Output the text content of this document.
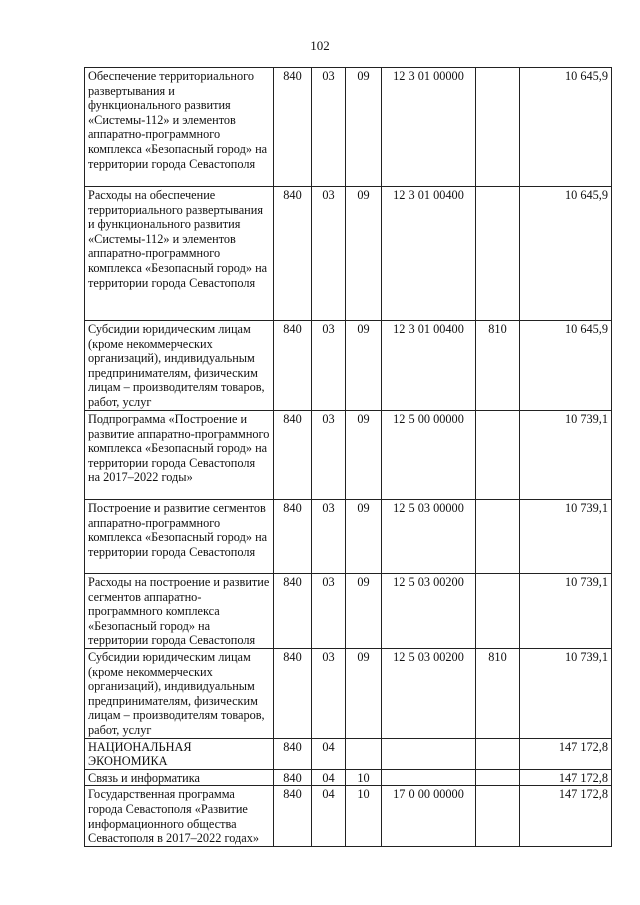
102
Обеспечение территориального развертывания и функционального развития «Системы-112» и элементов аппаратно-программного комплекса «Безопасный город» на территории города Севастополя	840	03	09	12 3 01 00000		10 645,9
Расходы на обеспечение территориального развертывания и функционального развития «Системы-112» и элементов аппаратно-программного комплекса «Безопасный город» на территории города Севастополя	840	03	09	12 3 01 00400		10 645,9
Субсидии юридическим лицам (кроме некоммерческих организаций), индивидуальным предпринимателям, физическим лицам – производителям товаров, работ, услуг	840	03	09	12 3 01 00400	810	10 645,9
Подпрограмма «Построение и развитие аппаратно-программного комплекса «Безопасный город» на территории города Севастополя на 2017–2022 годы»	840	03	09	12 5 00 00000		10 739,1
Построение и развитие сегментов аппаратно-программного комплекса «Безопасный город» на территории города Севастополя	840	03	09	12 5 03 00000		10 739,1
Расходы на построение и развитие сегментов аппаратно-программного комплекса «Безопасный город» на территории города Севастополя	840	03	09	12 5 03 00200		10 739,1
Субсидии юридическим лицам (кроме некоммерческих организаций), индивидуальным предпринимателям, физическим лицам – производителям товаров, работ, услуг	840	03	09	12 5 03 00200	810	10 739,1
НАЦИОНАЛЬНАЯ ЭКОНОМИКА	840	04				147 172,8
Связь и информатика	840	04	10			147 172,8
Государственная программа города Севастополя «Развитие информационного общества Севастополя в 2017–2022 годах»	840	04	10	17 0 00 00000		147 172,8
